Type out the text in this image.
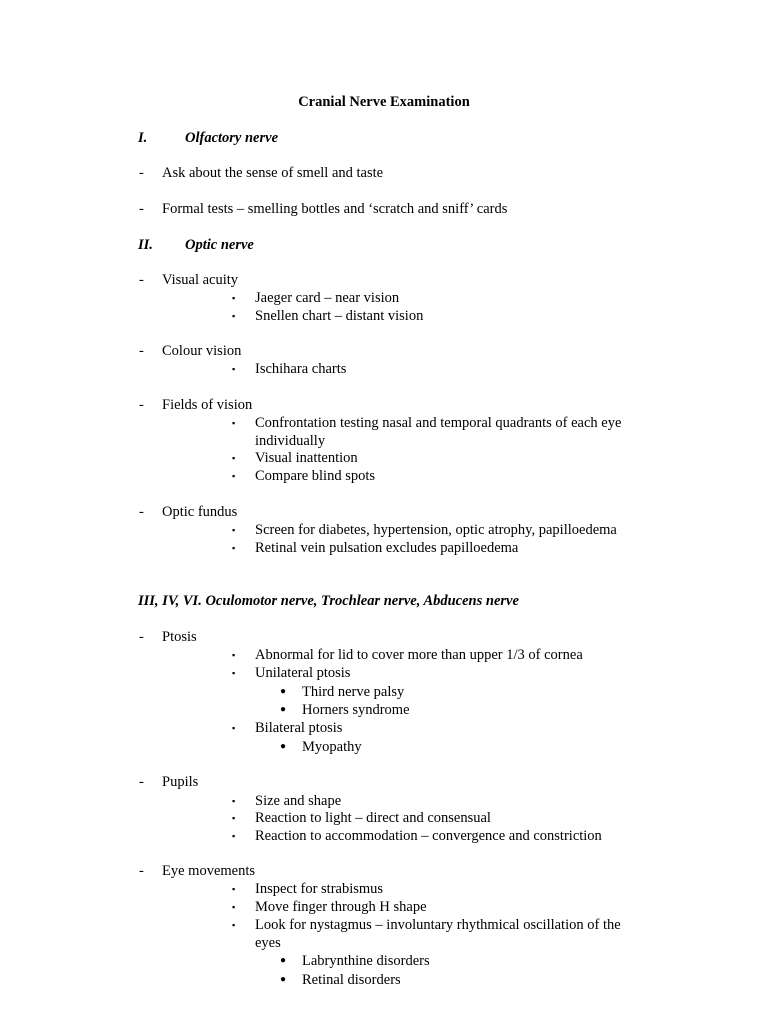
Cranial Nerve Examination
I.	Olfactory nerve
- Ask about the sense of smell and taste
- Formal tests – smelling bottles and ‘scratch and sniff’ cards
II. Optic nerve
- Visual acuity
▪ Jaeger card – near vision
▪ Snellen chart – distant vision
- Colour vision
▪ Ischihara charts
- Fields of vision
▪ Confrontation testing nasal and temporal quadrants of each eye
individually
▪ Visual inattention
▪ Compare blind spots
- Optic fundus
▪ Screen for diabetes, hypertension, optic atrophy, papilloedema
▪ Retinal vein pulsation excludes papilloedema
III, IV, VI. Oculomotor nerve, Trochlear nerve, Abducens nerve
- Ptosis
▪ Abnormal for lid to cover more than upper 1/3 of cornea
▪ Unilateral ptosis
● Third nerve palsy
● Horners syndrome
▪ Bilateral ptosis
● Myopathy
- Pupils
▪ Size and shape
▪ Reaction to light – direct and consensual
▪ Reaction to accommodation – convergence and constriction
- Eye movements
▪ Inspect for strabismus
▪ Move finger through H shape
▪ Look for nystagmus – involuntary rhythmical oscillation of the
eyes
● Labrynthine disorders
● Retinal disorders
